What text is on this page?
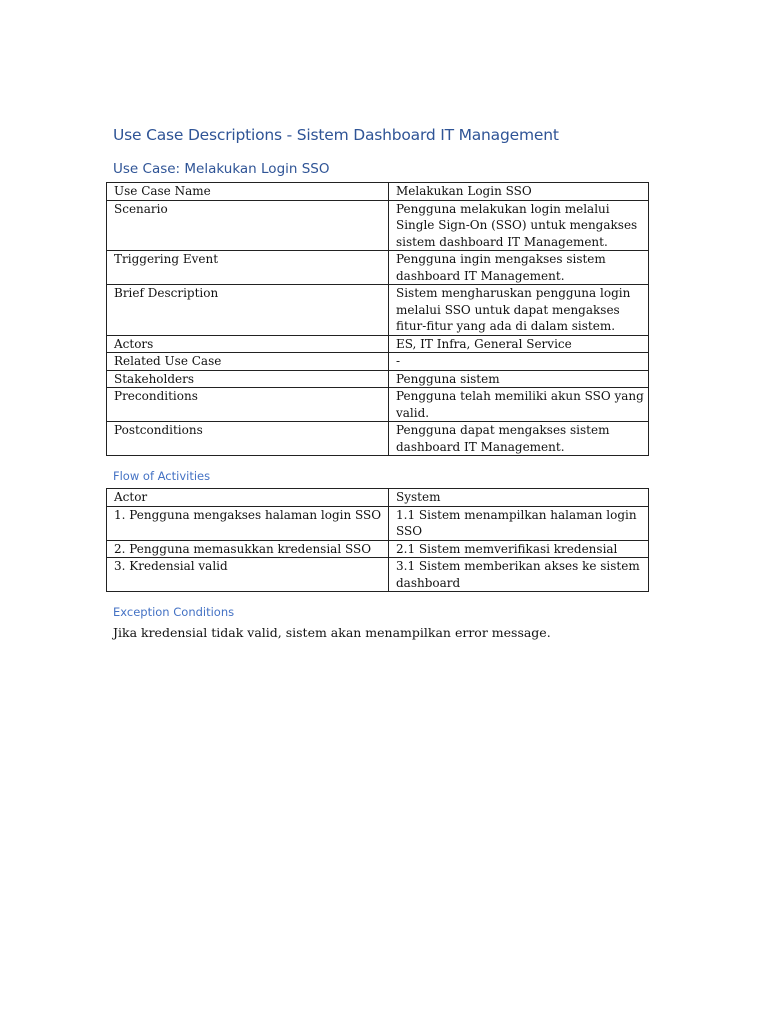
Use Case Descriptions - Sistem Dashboard IT Management
Use Case: Melakukan Login SSO
Use Case Name	Melakukan Login SSO
Scenario	Pengguna melakukan login melalui Single Sign-On (SSO) untuk mengakses sistem dashboard IT Management.
Triggering Event	Pengguna ingin mengakses sistem dashboard IT Management.
Brief Description	Sistem mengharuskan pengguna login melalui SSO untuk dapat mengakses fitur-fitur yang ada di dalam sistem.
Actors	ES, IT Infra, General Service
Related Use Case	-
Stakeholders	Pengguna sistem
Preconditions	Pengguna telah memiliki akun SSO yang valid.
Postconditions	Pengguna dapat mengakses sistem dashboard IT Management.
Flow of Activities
Actor	System
1. Pengguna mengakses halaman login SSO	1.1 Sistem menampilkan halaman login SSO
2. Pengguna memasukkan kredensial SSO	2.1 Sistem memverifikasi kredensial
3. Kredensial valid	3.1 Sistem memberikan akses ke sistem dashboard
Exception Conditions
Jika kredensial tidak valid, sistem akan menampilkan error message.
